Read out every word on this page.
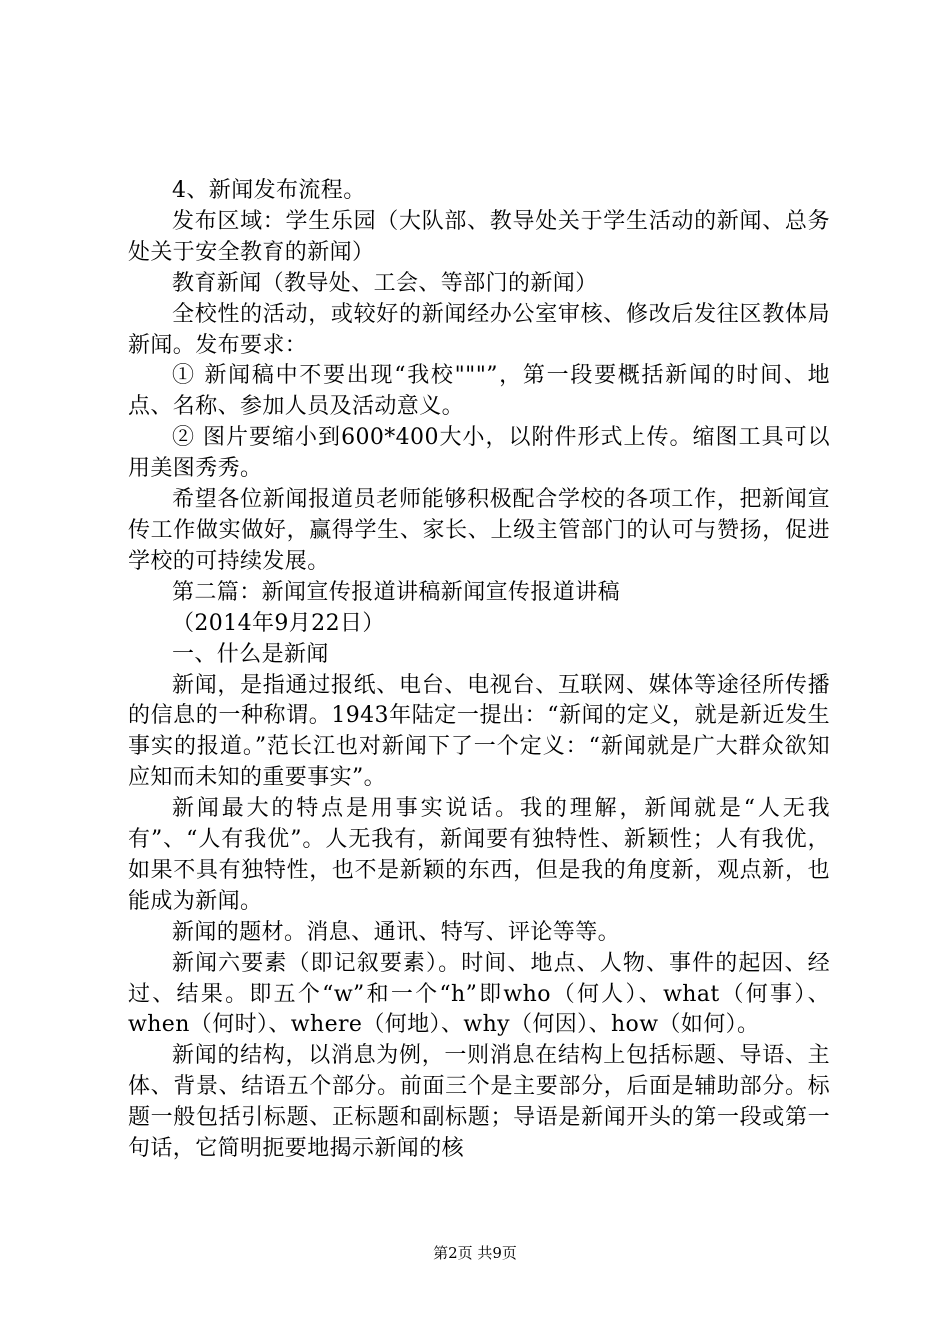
4、新闻发布流程。

发布区域：学生乐园（大队部、教导处关于学生活动的新闻、总务处关于安全教育的新闻）

教育新闻（教导处、工会、等部门的新闻）

全校性的活动，或较好的新闻经办公室审核、修改后发往区教体局新闻。发布要求：

① 新闻稿中不要出现“我校"""”，第一段要概括新闻的时间、地点、名称、参加人员及活动意义。

② 图片要缩小到600*400大小，以附件形式上传。缩图工具可以用美图秀秀。

希望各位新闻报道员老师能够积极配合学校的各项工作，把新闻宣传工作做实做好，赢得学生、家长、上级主管部门的认可与赞扬，促进学校的可持续发展。

第二篇：新闻宣传报道讲稿新闻宣传报道讲稿

（2014年9月22日）

一、什么是新闻

新闻，是指通过报纸、电台、电视台、互联网、媒体等途径所传播的信息的一种称谓。1943年陆定一提出：“新闻的定义，就是新近发生事实的报道。”范长江也对新闻下了一个定义：“新闻就是广大群众欲知应知而未知的重要事实”。

新闻最大的特点是用事实说话。我的理解，新闻就是“人无我有”、“人有我优”。人无我有，新闻要有独特性、新颖性；人有我优，如果不具有独特性，也不是新颖的东西，但是我的角度新，观点新，也能成为新闻。

新闻的题材。消息、通讯、特写、评论等等。

新闻六要素（即记叙要素）。时间、地点、人物、事件的起因、经过、结果。即五个“w”和一个“h”即who（何人）、what（何事）、when（何时）、where（何地）、why（何因）、how（如何）。

新闻的结构，以消息为例，一则消息在结构上包括标题、导语、主体、背景、结语五个部分。前面三个是主要部分，后面是辅助部分。标题一般包括引标题、正标题和副标题；导语是新闻开头的第一段或第一句话，它简明扼要地揭示新闻的核

第2页 共9页
